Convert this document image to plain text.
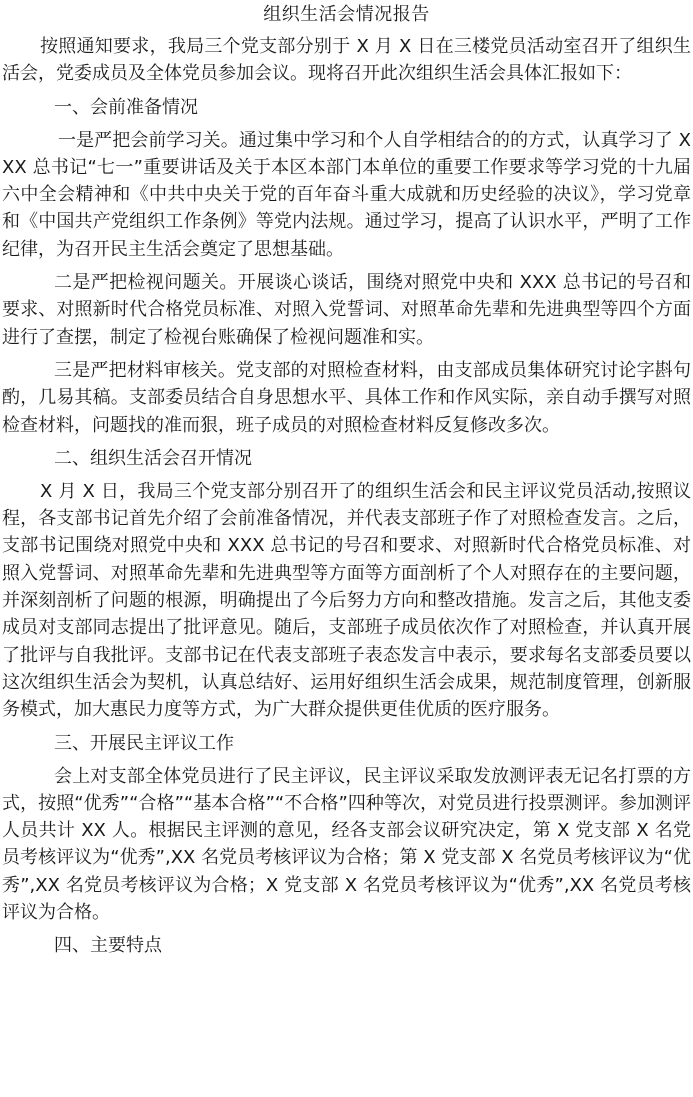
组织生活会情况报告

按照通知要求，我局三个党支部分别于 X 月 X 日在三楼党员活动室召开了组织生活会，党委成员及全体党员参加会议。现将召开此次组织生活会具体汇报如下：

一、会前准备情况

一是严把会前学习关。通过集中学习和个人自学相结合的的方式，认真学习了 XXX 总书记“七一”重要讲话及关于本区本部门本单位的重要工作要求等学习党的十九届六中全会精神和《中共中央关于党的百年奋斗重大成就和历史经验的决议》，学习党章和《中国共产党组织工作条例》等党内法规。通过学习，提高了认识水平，严明了工作纪律，为召开民主生活会奠定了思想基础。

二是严把检视问题关。开展谈心谈话，围绕对照党中央和 XXX 总书记的号召和要求、对照新时代合格党员标准、对照入党誓词、对照革命先辈和先进典型等四个方面进行了查摆，制定了检视台账确保了检视问题准和实。

三是严把材料审核关。党支部的对照检查材料，由支部成员集体研究讨论字斟句酌，几易其稿。支部委员结合自身思想水平、具体工作和作风实际，亲自动手撰写对照检查材料，问题找的准而狠，班子成员的对照检查材料反复修改多次。

二、组织生活会召开情况

X 月 X 日，我局三个党支部分别召开了的组织生活会和民主评议党员活动,按照议程，各支部书记首先介绍了会前准备情况，并代表支部班子作了对照检查发言。之后，支部书记围绕对照党中央和 XXX 总书记的号召和要求、对照新时代合格党员标准、对照入党誓词、对照革命先辈和先进典型等方面等方面剖析了个人对照存在的主要问题，并深刻剖析了问题的根源，明确提出了今后努力方向和整改措施。发言之后，其他支委成员对支部同志提出了批评意见。随后，支部班子成员依次作了对照检查，并认真开展了批评与自我批评。支部书记在代表支部班子表态发言中表示，要求每名支部委员要以这次组织生活会为契机，认真总结好、运用好组织生活会成果，规范制度管理，创新服务模式，加大惠民力度等方式，为广大群众提供更佳优质的医疗服务。

三、开展民主评议工作

会上对支部全体党员进行了民主评议，民主评议采取发放测评表无记名打票的方式，按照“优秀”“合格”“基本合格”“不合格”四种等次，对党员进行投票测评。参加测评人员共计 XX 人。根据民主评测的意见，经各支部会议研究决定，第 X 党支部 X 名党员考核评议为“优秀”,XX 名党员考核评议为合格；第 X 党支部 X 名党员考核评议为“优秀”,XX 名党员考核评议为合格；X 党支部 X 名党员考核评议为“优秀”,XX 名党员考核评议为合格。

四、主要特点
